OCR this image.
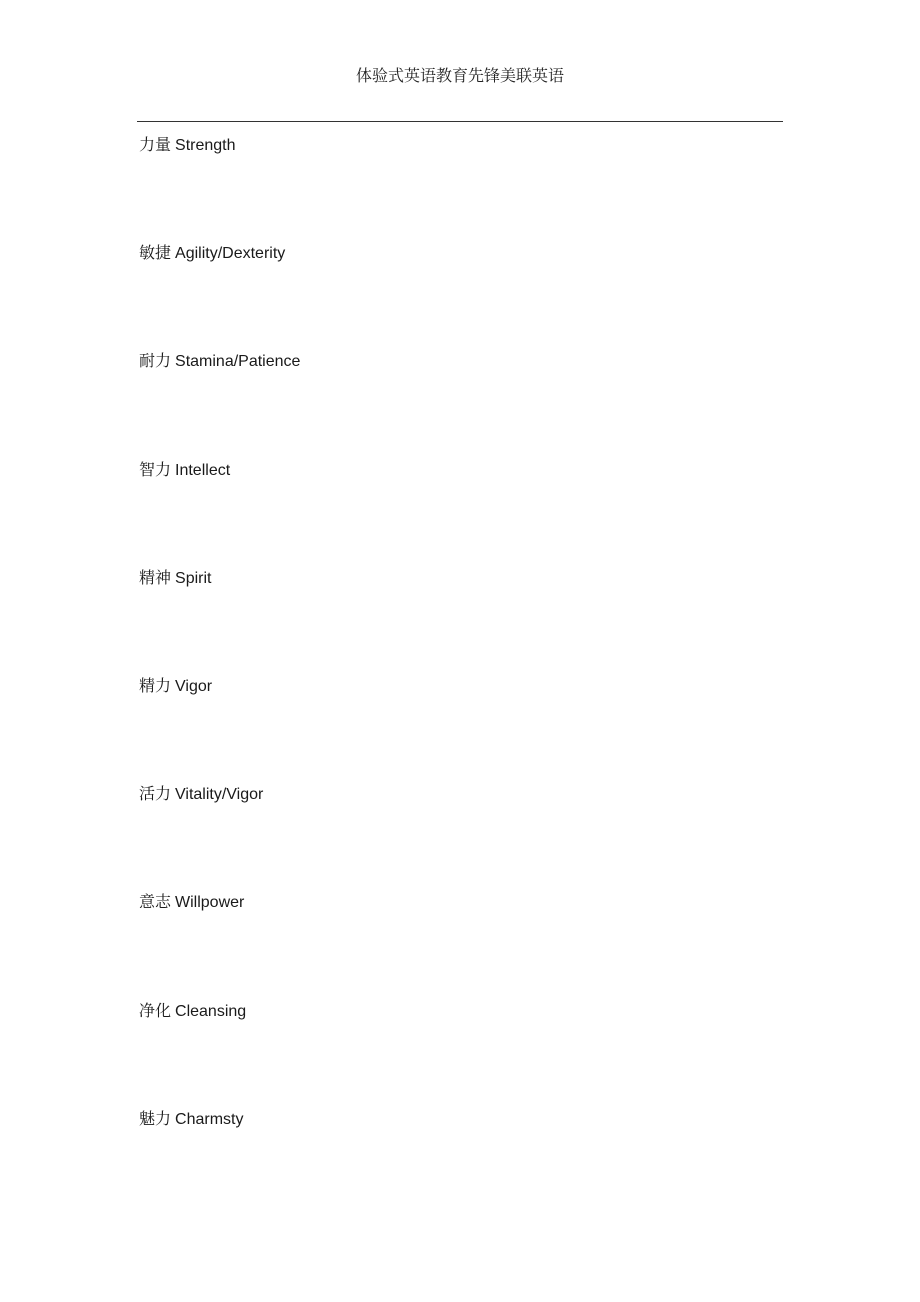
体验式英语教育先锋美联英语
力量 Strength
敏捷 Agility/Dexterity
耐力 Stamina/Patience
智力 Intellect
精神 Spirit
精力 Vigor
活力 Vitality/Vigor
意志 Willpower
净化 Cleansing
魅力 Charmsty
